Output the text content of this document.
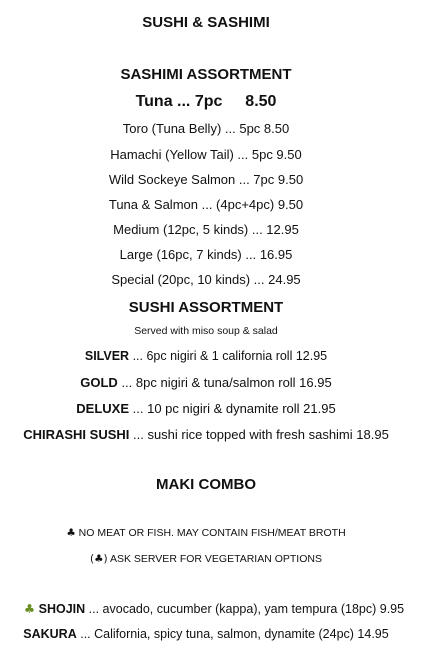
SUSHI & SASHIMI
SASHIMI ASSORTMENT
Tuna ... 7pc 8.50
Toro (Tuna Belly) ... 5pc 8.50
Hamachi (Yellow Tail) ... 5pc 9.50
Wild Sockeye Salmon ... 7pc 9.50
Tuna & Salmon ... (4pc+4pc) 9.50
Medium (12pc, 5 kinds) ... 12.95
Large (16pc, 7 kinds) ... 16.95
Special (20pc, 10 kinds) ... 24.95
SUSHI ASSORTMENT
Served with miso soup & salad
SILVER ... 6pc nigiri & 1 california roll 12.95
GOLD ... 8pc nigiri & tuna/salmon roll 16.95
DELUXE ... 10 pc nigiri & dynamite roll 21.95
CHIRASHI SUSHI ... sushi rice topped with fresh sashimi 18.95
MAKI COMBO
♣ NO MEAT OR FISH. MAY CONTAIN FISH/MEAT BROTH
(♣) ASK SERVER FOR VEGETARIAN OPTIONS
♣ SHOJIN ... avocado, cucumber (kappa), yam tempura (18pc) 9.95
SAKURA ... California, spicy tuna, salmon, dynamite (24pc) 14.95
